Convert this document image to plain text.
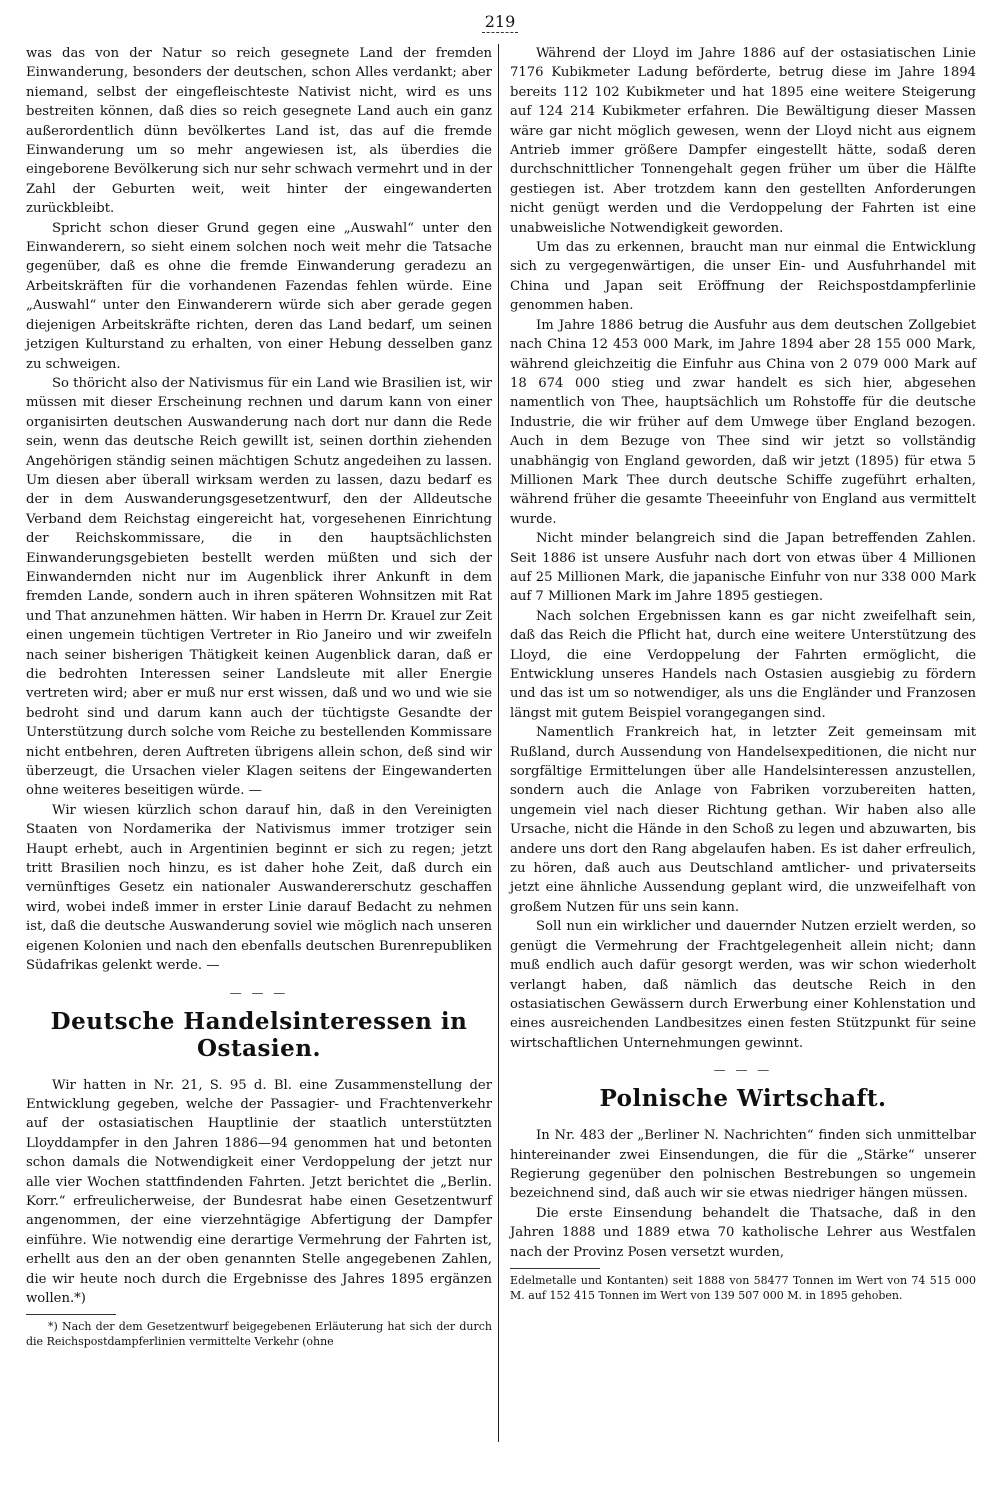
219

was das von der Natur so reich gesegnete Land der fremden Einwanderung, besonders der deutschen, schon Alles verdankt; aber niemand, selbst der eingefleischteste Nativist nicht, wird es uns bestreiten können, daß dies so reich gesegnete Land auch ein ganz außerordentlich dünn bevölkertes Land ist, das auf die fremde Einwanderung um so mehr angewiesen ist, als überdies die eingeborene Bevölkerung sich nur sehr schwach vermehrt und in der Zahl der Geburten weit, weit hinter der eingewanderten zurückbleibt.

Spricht schon dieser Grund gegen eine „Auswahl“ unter den Einwanderern, so sieht einem solchen noch weit mehr die Tatsache gegenüber, daß es ohne die fremde Einwanderung geradezu an Arbeitskräften für die vorhandenen Fazendas fehlen würde. Eine „Auswahl“ unter den Einwanderern würde sich aber gerade gegen diejenigen Arbeitskräfte richten, deren das Land bedarf, um seinen jetzigen Kulturstand zu erhalten, von einer Hebung desselben ganz zu schweigen.

So thöricht also der Nativismus für ein Land wie Brasilien ist, wir müssen mit dieser Erscheinung rechnen und darum kann von einer organisirten deutschen Auswanderung nach dort nur dann die Rede sein, wenn das deutsche Reich gewillt ist, seinen dorthin ziehenden Angehörigen ständig seinen mächtigen Schutz angedeihen zu lassen. Um diesen aber überall wirksam werden zu lassen, dazu bedarf es der in dem Auswanderungsgesetzentwurf, den der Alldeutsche Verband dem Reichstag eingereicht hat, vorgesehenen Einrichtung der Reichskommissare, die in den hauptsächlichsten Einwanderungsgebieten bestellt werden müßten und sich der Einwandernden nicht nur im Augenblick ihrer Ankunft in dem fremden Lande, sondern auch in ihren späteren Wohnsitzen mit Rat und That anzunehmen hätten. Wir haben in Herrn Dr. Krauel zur Zeit einen ungemein tüchtigen Vertreter in Rio Janeiro und wir zweifeln nach seiner bisherigen Thätigkeit keinen Augenblick daran, daß er die bedrohten Interessen seiner Landsleute mit aller Energie vertreten wird; aber er muß nur erst wissen, daß und wo und wie sie bedroht sind und darum kann auch der tüchtigste Gesandte der Unterstützung durch solche vom Reiche zu bestellenden Kommissare nicht entbehren, deren Auftreten übrigens allein schon, deß sind wir überzeugt, die Ursachen vieler Klagen seitens der Eingewanderten ohne weiteres beseitigen würde. —

Wir wiesen kürzlich schon darauf hin, daß in den Vereinigten Staaten von Nordamerika der Nativismus immer trotziger sein Haupt erhebt, auch in Argentinien beginnt er sich zu regen; jetzt tritt Brasilien noch hinzu, es ist daher hohe Zeit, daß durch ein vernünftiges Gesetz ein nationaler Auswandererschutz geschaffen wird, wobei indeß immer in erster Linie darauf Bedacht zu nehmen ist, daß die deutsche Auswanderung soviel wie möglich nach unseren eigenen Kolonien und nach den ebenfalls deutschen Burenrepubliken Südafrikas gelenkt werde. —

— — —
Deutsche Handelsinteressen in Ostasien.

Wir hatten in Nr. 21, S. 95 d. Bl. eine Zusammenstellung der Entwicklung gegeben, welche der Passagier- und Frachtenverkehr auf der ostasiatischen Hauptlinie der staatlich unterstützten Lloyddampfer in den Jahren 1886—94 genommen hat und betonten schon damals die Notwendigkeit einer Verdoppelung der jetzt nur alle vier Wochen stattfindenden Fahrten. Jetzt berichtet die „Berlin. Korr.“ erfreulicherweise, der Bundesrat habe einen Gesetzentwurf angenommen, der eine vierzehntägige Abfertigung der Dampfer einführe. Wie notwendig eine derartige Vermehrung der Fahrten ist, erhellt aus den an der oben genannten Stelle angegebenen Zahlen, die wir heute noch durch die Ergebnisse des Jahres 1895 ergänzen wollen.*)

*) Nach der dem Gesetzentwurf beigegebenen Erläuterung hat sich der durch die Reichspostdampferlinien vermittelte Verkehr (ohne

Während der Lloyd im Jahre 1886 auf der ostasiatischen Linie 7176 Kubikmeter Ladung beförderte, betrug diese im Jahre 1894 bereits 112 102 Kubikmeter und hat 1895 eine weitere Steigerung auf 124 214 Kubikmeter erfahren. Die Bewältigung dieser Massen wäre gar nicht möglich gewesen, wenn der Lloyd nicht aus eignem Antrieb immer größere Dampfer eingestellt hätte, sodaß deren durchschnittlicher Tonnengehalt gegen früher um über die Hälfte gestiegen ist. Aber trotzdem kann den gestellten Anforderungen nicht genügt werden und die Verdoppelung der Fahrten ist eine unabweisliche Notwendigkeit geworden.

Um das zu erkennen, braucht man nur einmal die Entwicklung sich zu vergegenwärtigen, die unser Ein- und Ausfuhrhandel mit China und Japan seit Eröffnung der Reichspostdampferlinie genommen haben.

Im Jahre 1886 betrug die Ausfuhr aus dem deutschen Zollgebiet nach China 12 453 000 Mark, im Jahre 1894 aber 28 155 000 Mark, während gleichzeitig die Einfuhr aus China von 2 079 000 Mark auf 18 674 000 stieg und zwar handelt es sich hier, abgesehen namentlich von Thee, hauptsächlich um Rohstoffe für die deutsche Industrie, die wir früher auf dem Umwege über England bezogen. Auch in dem Bezuge von Thee sind wir jetzt so vollständig unabhängig von England geworden, daß wir jetzt (1895) für etwa 5 Millionen Mark Thee durch deutsche Schiffe zugeführt erhalten, während früher die gesamte Theeeinfuhr von England aus vermittelt wurde.

Nicht minder belangreich sind die Japan betreffenden Zahlen. Seit 1886 ist unsere Ausfuhr nach dort von etwas über 4 Millionen auf 25 Millionen Mark, die japanische Einfuhr von nur 338 000 Mark auf 7 Millionen Mark im Jahre 1895 gestiegen.

Nach solchen Ergebnissen kann es gar nicht zweifelhaft sein, daß das Reich die Pflicht hat, durch eine weitere Unterstützung des Lloyd, die eine Verdoppelung der Fahrten ermöglicht, die Entwicklung unseres Handels nach Ostasien ausgiebig zu fördern und das ist um so notwendiger, als uns die Engländer und Franzosen längst mit gutem Beispiel vorangegangen sind.

Namentlich Frankreich hat, in letzter Zeit gemeinsam mit Rußland, durch Aussendung von Handelsexpeditionen, die nicht nur sorgfältige Ermittelungen über alle Handelsinteressen anzustellen, sondern auch die Anlage von Fabriken vorzubereiten hatten, ungemein viel nach dieser Richtung gethan. Wir haben also alle Ursache, nicht die Hände in den Schoß zu legen und abzuwarten, bis andere uns dort den Rang abgelaufen haben. Es ist daher erfreulich, zu hören, daß auch aus Deutschland amtlicher- und privaterseits jetzt eine ähnliche Aussendung geplant wird, die unzweifelhaft von großem Nutzen für uns sein kann.

Soll nun ein wirklicher und dauernder Nutzen erzielt werden, so genügt die Vermehrung der Frachtgelegenheit allein nicht; dann muß endlich auch dafür gesorgt werden, was wir schon wiederholt verlangt haben, daß nämlich das deutsche Reich in den ostasiatischen Gewässern durch Erwerbung einer Kohlenstation und eines ausreichenden Landbesitzes einen festen Stützpunkt für seine wirtschaftlichen Unternehmungen gewinnt.

— — —
Polnische Wirtschaft.

In Nr. 483 der „Berliner N. Nachrichten“ finden sich unmittelbar hintereinander zwei Einsendungen, die für die „Stärke“ unserer Regierung gegenüber den polnischen Bestrebungen so ungemein bezeichnend sind, daß auch wir sie etwas niedriger hängen müssen.

Die erste Einsendung behandelt die Thatsache, daß in den Jahren 1888 und 1889 etwa 70 katholische Lehrer aus Westfalen nach der Provinz Posen versetzt wurden,

Edelmetalle und Kontanten) seit 1888 von 58477 Tonnen im Wert von 74 515 000 M. auf 152 415 Tonnen im Wert von 139 507 000 M. in 1895 gehoben.
